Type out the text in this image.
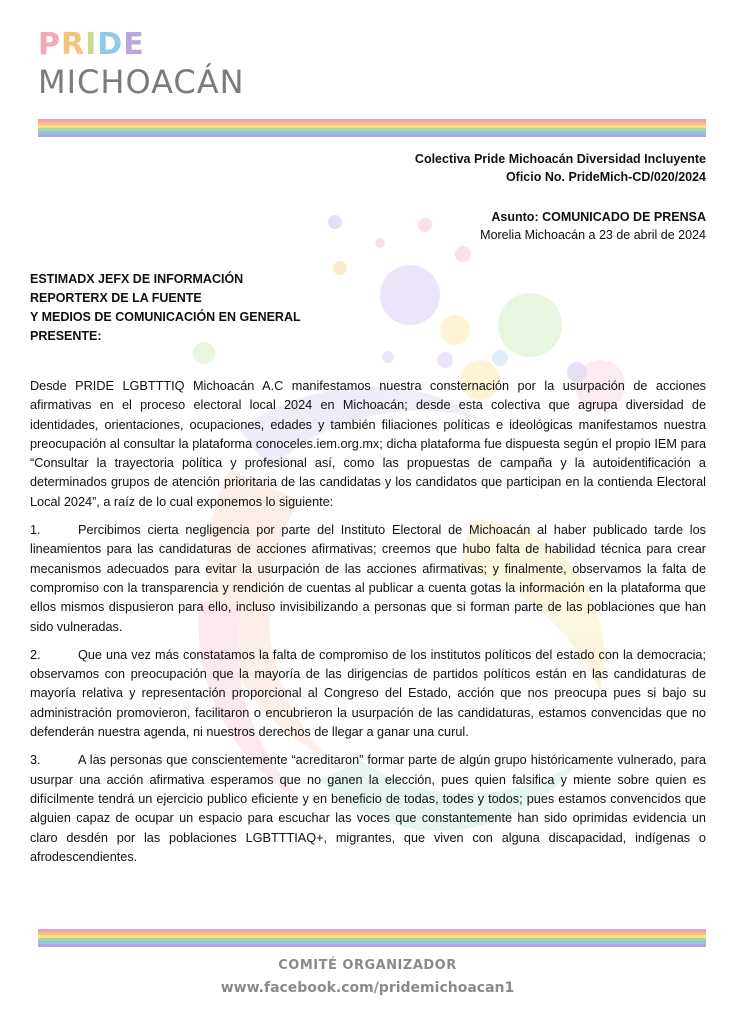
PRIDE
MICHOACÁN
Colectiva Pride Michoacán Diversidad Incluyente
Oficio No. PrideMich-CD/020/2024
Asunto: COMUNICADO DE PRENSA
Morelia Michoacán a 23 de abril de 2024
ESTIMADX JEFX DE INFORMACIÓN
REPORTERX DE LA FUENTE
Y MEDIOS DE COMUNICACIÓN EN GENERAL
PRESENTE:

Desde PRIDE LGBTTTIQ Michoacán A.C manifestamos nuestra consternación por la usurpación de acciones afirmativas en el proceso electoral local 2024 en Michoacán; desde esta colectiva que agrupa diversidad de identidades, orientaciones, ocupaciones, edades y también filiaciones políticas e ideológicas manifestamos nuestra preocupación al consultar la plataforma conoceles.iem.org.mx; dicha plataforma fue dispuesta según el propio IEM para “Consultar la trayectoria política y profesional así, como las propuestas de campaña y la autoidentificación a determinados grupos de atención prioritaria de las candidatas y los candidatos que participan en la contienda Electoral Local 2024”, a raíz de lo cual exponemos lo siguiente:

1.	Percibimos cierta negligencia por parte del Instituto Electoral de Michoacán al haber publicado tarde los lineamientos para las candidaturas de acciones afirmativas; creemos que hubo falta de habilidad técnica para crear mecanismos adecuados para evitar la usurpación de las acciones afirmativas; y finalmente, observamos la falta de compromiso con la transparencia y rendición de cuentas al publicar a cuenta gotas la información en la plataforma que ellos mismos dispusieron para ello, incluso invisibilizando a personas que si forman parte de las poblaciones que han sido vulneradas.

2.	Que una vez más constatamos la falta de compromiso de los institutos políticos del estado con la democracia; observamos con preocupación que la mayoría de las dirigencias de partidos políticos están en las candidaturas de mayoría relativa y representación proporcional al Congreso del Estado, acción que nos preocupa pues si bajo su administración promovieron, facilitaron o encubrieron la usurpación de las candidaturas, estamos convencidas que no defenderán nuestra agenda, ni nuestros derechos de llegar a ganar una curul.

3.	A las personas que conscientemente “acreditaron” formar parte de algún grupo históricamente vulnerado, para usurpar una acción afirmativa esperamos que no ganen la elección, pues quien falsifica y miente sobre quien es difícilmente tendrá un ejercicio publico eficiente y en beneficio de todas, todes y todos; pues estamos convencidos que alguien capaz de ocupar un espacio para escuchar las voces que constantemente han sido oprimidas evidencia un claro desdén por las poblaciones LGBTTTIAQ+, migrantes, que viven con alguna discapacidad, indígenas o afrodescendientes.

COMITÉ ORGANIZADOR
www.facebook.com/pridemichoacan1
